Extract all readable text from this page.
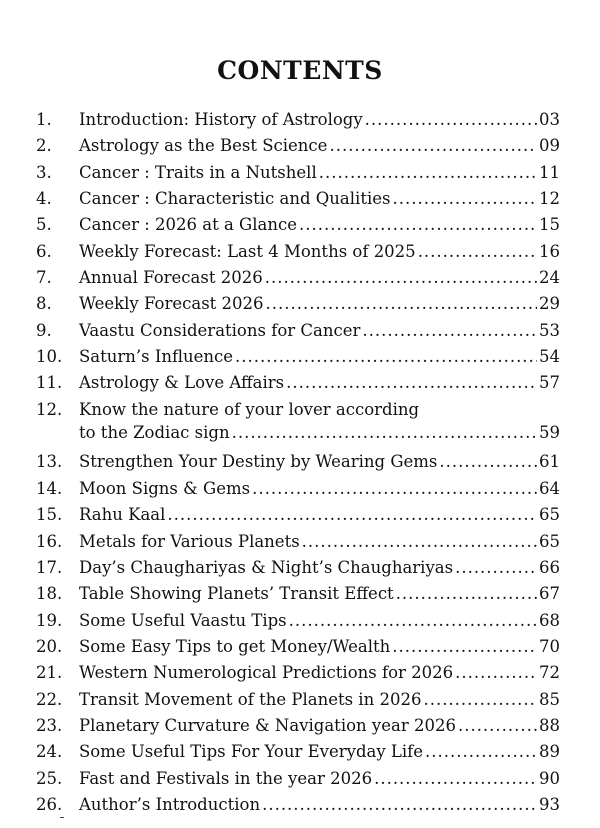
CONTENTS
1.	Introduction: History of Astrology .....	03
2.	Astrology as the Best Science .....	09
3.	Cancer : Traits in a Nutshell .....	11
4.	Cancer : Characteristic and Qualities .....	12
5.	Cancer : 2026 at a Glance .....	15
6.	Weekly Forecast: Last 4 Months of 2025 .....	16
7.	Annual Forecast 2026 .....	24
8.	Weekly Forecast 2026 .....	29
9.	Vaastu Considerations for Cancer .....	53
10.	Saturn’s Influence .....	54
11.	Astrology & Love Affairs .....	57
12.	Know the nature of your lover according
to the Zodiac sign .....	59
13.	Strengthen Your Destiny by Wearing Gems .....	61
14.	Moon Signs & Gems .....	64
15.	Rahu Kaal .....	65
16.	Metals for Various Planets .....	65
17.	Day’s Chaughariyas & Night’s Chaughariyas .....	66
18.	Table Showing Planets’ Transit Effect .....	67
19.	Some Useful Vaastu Tips .....	68
20.	Some Easy Tips to get Money/Wealth .....	70
21.	Western Numerological Predictions for 2026 .....	72
22.	Transit Movement of the Planets in 2026 .....	85
23.	Planetary Curvature & Navigation year 2026 .....	88
24.	Some Useful Tips For Your Everyday Life .....	89
25.	Fast and Festivals in the year 2026 .....	90
26.	Author’s Introduction .....	93
